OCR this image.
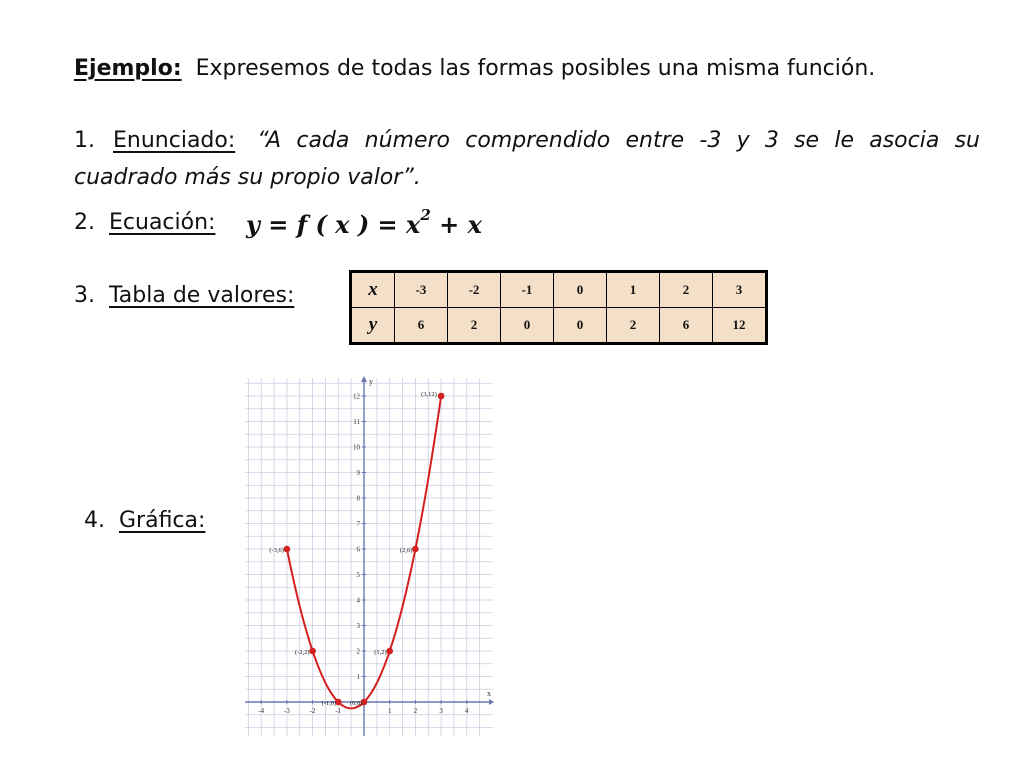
Ejemplo: Expresemos de todas las formas posibles una misma función.
1. Enunciado: “A cada número comprendido entre -3 y 3 se le asocia su cuadrado más su propio valor”.
2. Ecuación: y = f ( x ) = $x^2 + x$
3. Tabla de valores:	x	-3	-2	-1	0	1	2	3
y	6	2	0	0	2	6	12
4. Gráfica:
x
y
-4	-3	-2	-1	1	2	3	4
1
2
3
4
5
6
7
8
9
10
11
12
(-3,6)
(-2,2)
(-1,0) (0,0)
(1,2)
(2,6)
(3,12)
